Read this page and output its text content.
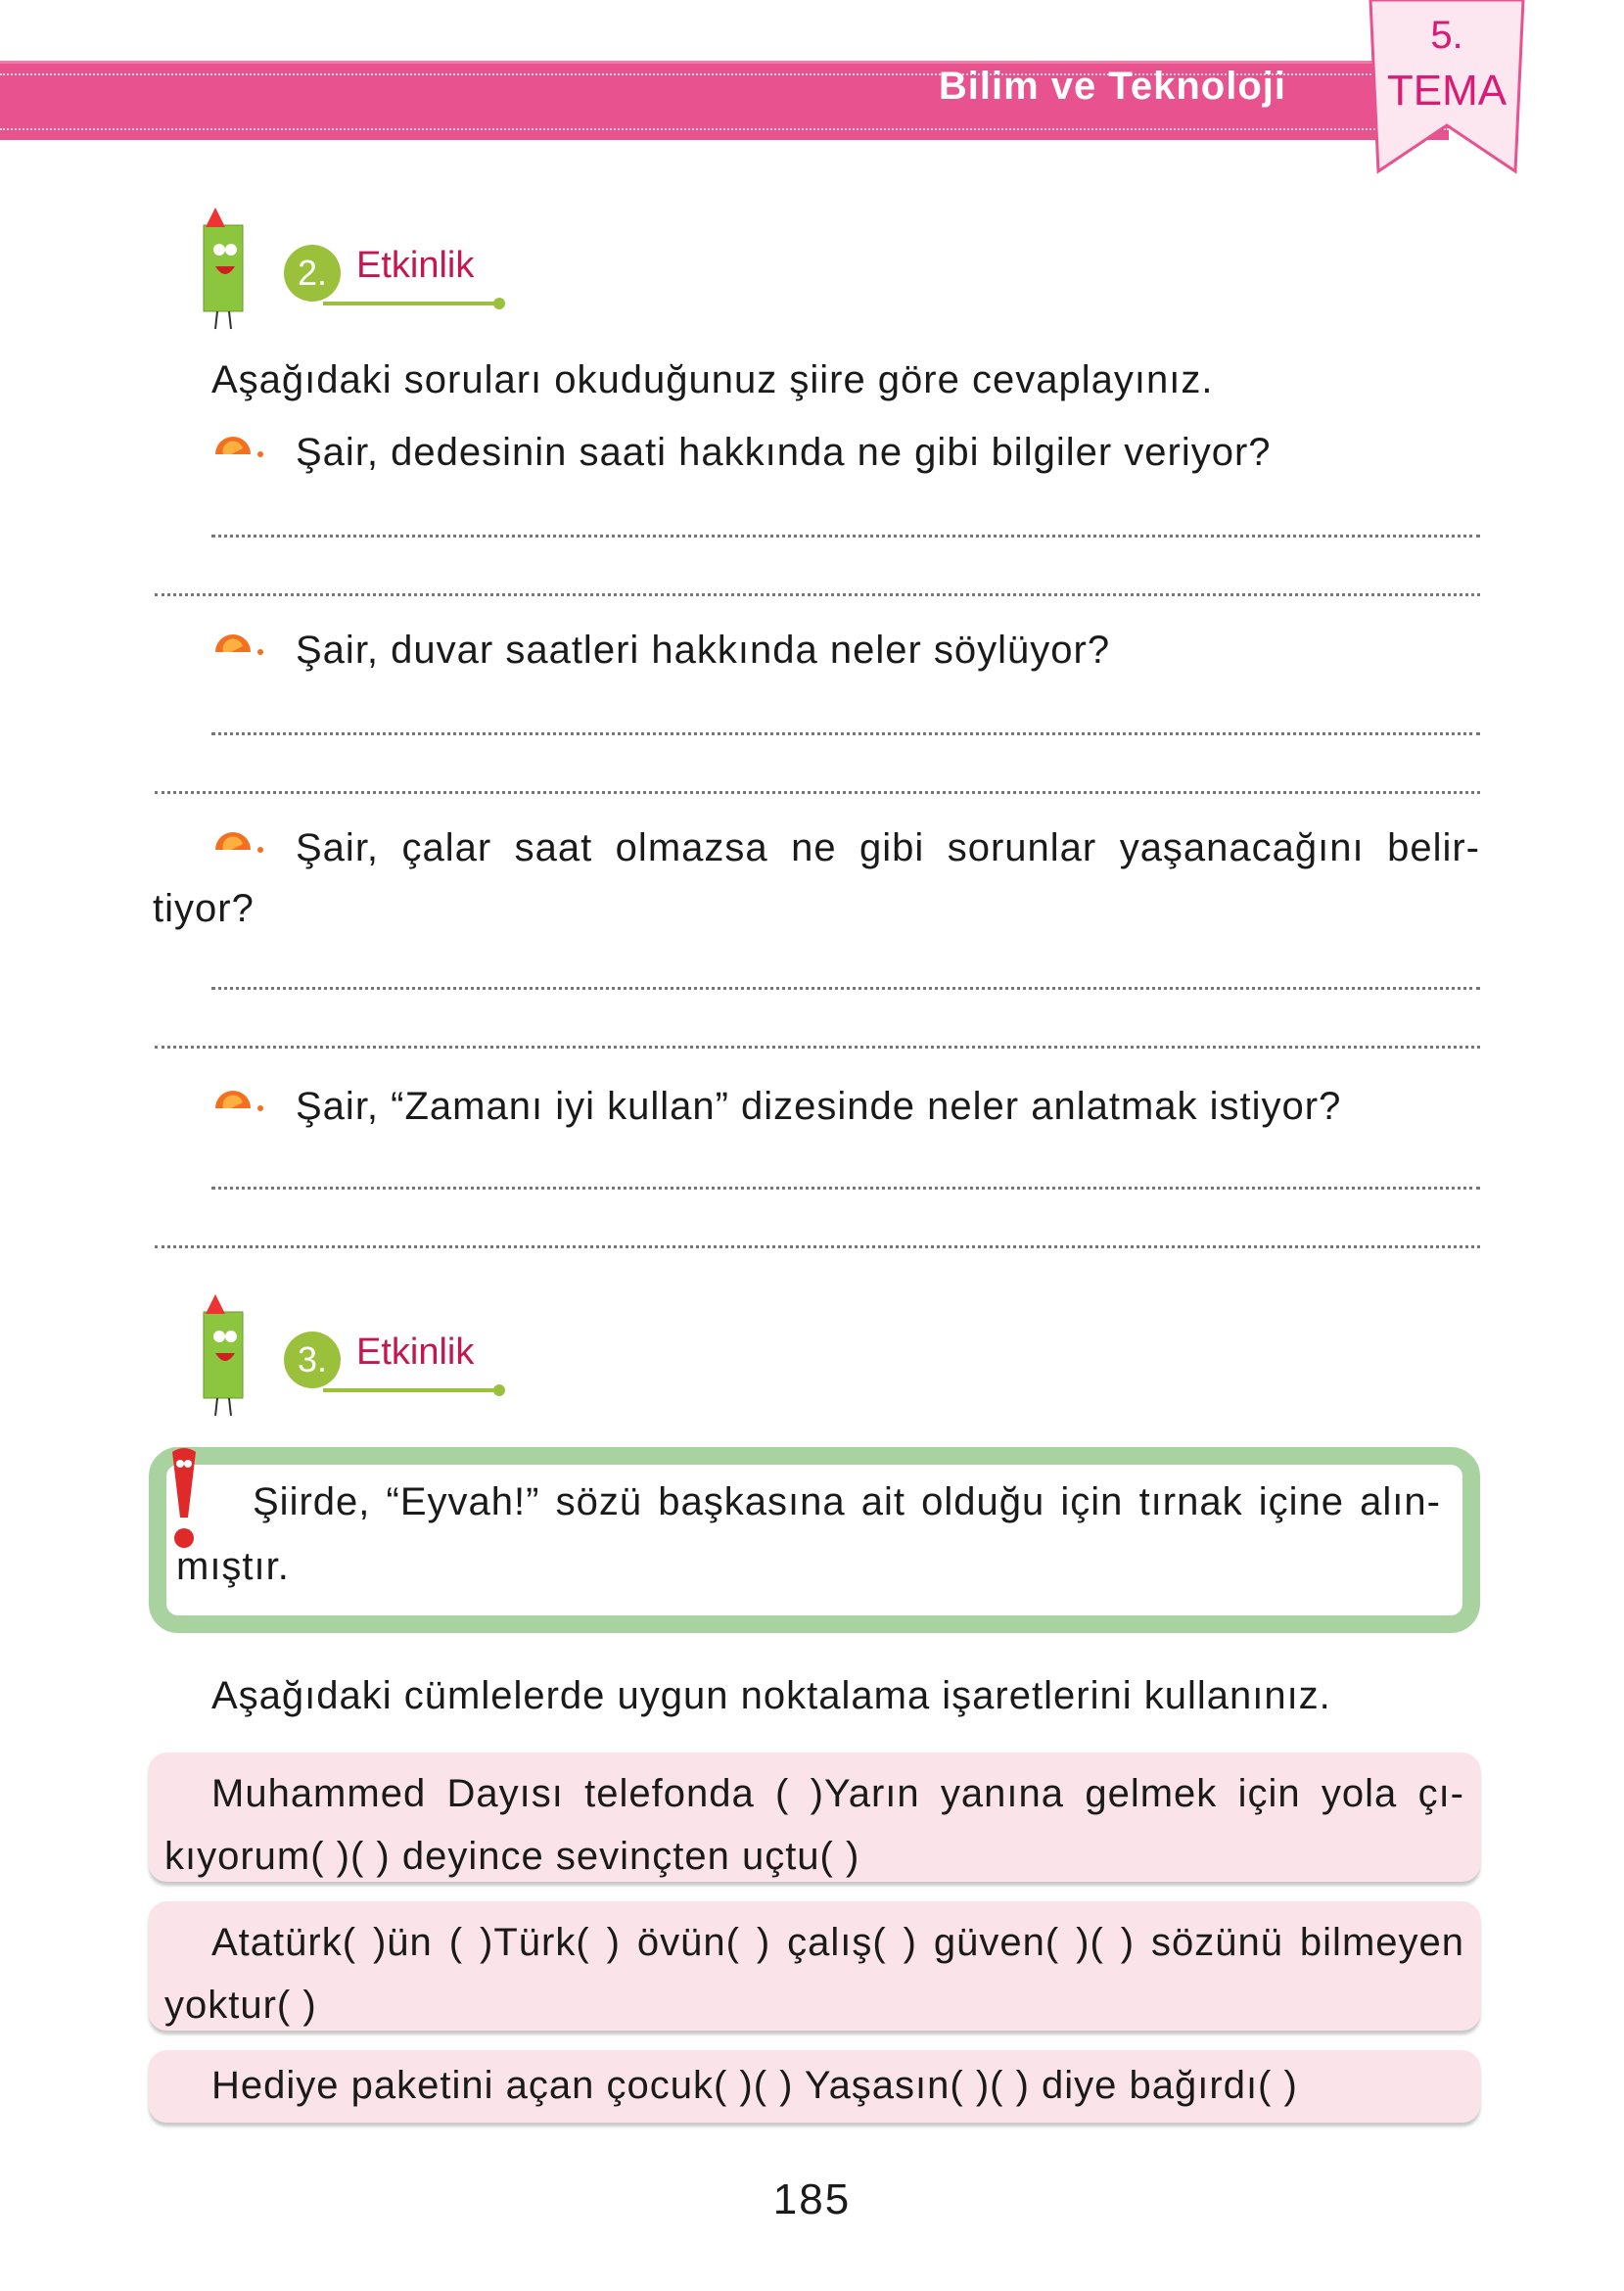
Bilim ve Teknoloji
5.
TEMA
2. Etkinlik
Aşağıdaki soruları okuduğunuz şiire göre cevaplayınız.
Şair, dedesinin saati hakkında ne gibi bilgiler veriyor?
Şair, duvar saatleri hakkında neler söylüyor?
Şair, çalar saat olmazsa ne gibi sorunlar yaşanacağını belir-
tiyor?
Şair, “Zamanı iyi kullan” dizesinde neler anlatmak istiyor?
3. Etkinlik
Şiirde, “Eyvah!” sözü başkasına ait olduğu için tırnak içine alın-
mıştır.
Aşağıdaki cümlelerde uygun noktalama işaretlerini kullanınız.
Muhammed Dayısı telefonda ( )Yarın yanına gelmek için yola çı-
kıyorum( )( ) deyince sevinçten uçtu( )
Atatürk( )ün ( )Türk( ) övün( ) çalış( ) güven( )( ) sözünü bilmeyen
yoktur( )
Hediye paketini açan çocuk( )( ) Yaşasın( )( ) diye bağırdı( )
185
